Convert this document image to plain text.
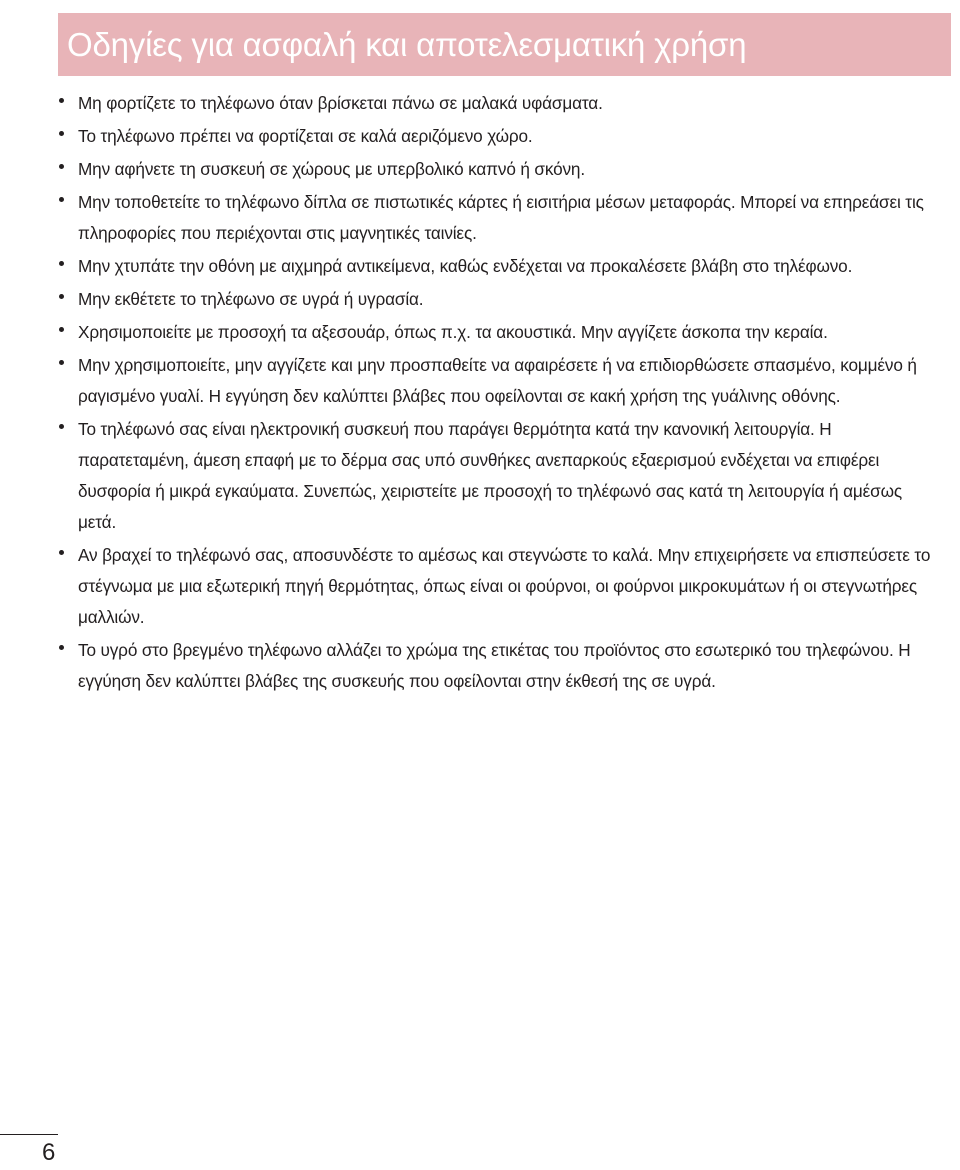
Οδηγίες για ασφαλή και αποτελεσματική χρήση
Μη φορτίζετε το τηλέφωνο όταν βρίσκεται πάνω σε μαλακά υφάσματα.
Το τηλέφωνο πρέπει να φορτίζεται σε καλά αεριζόμενο χώρο.
Μην αφήνετε τη συσκευή σε χώρους με υπερβολικό καπνό ή σκόνη.
Μην τοποθετείτε το τηλέφωνο δίπλα σε πιστωτικές κάρτες ή εισιτήρια μέσων μεταφοράς. Μπορεί να επηρεάσει τις πληροφορίες που περιέχονται στις μαγνητικές ταινίες.
Μην χτυπάτε την οθόνη με αιχμηρά αντικείμενα, καθώς ενδέχεται να προκαλέσετε βλάβη στο τηλέφωνο.
Μην εκθέτετε το τηλέφωνο σε υγρά ή υγρασία.
Χρησιμοποιείτε με προσοχή τα αξεσουάρ, όπως π.χ. τα ακουστικά. Μην αγγίζετε άσκοπα την κεραία.
Μην χρησιμοποιείτε, μην αγγίζετε και μην προσπαθείτε να αφαιρέσετε ή να επιδιορθώσετε σπασμένο, κομμένο ή ραγισμένο γυαλί. Η εγγύηση δεν καλύπτει βλάβες που οφείλονται σε κακή χρήση της γυάλινης οθόνης.
Το τηλέφωνό σας είναι ηλεκτρονική συσκευή που παράγει θερμότητα κατά την κανονική λειτουργία. Η παρατεταμένη, άμεση επαφή με το δέρμα σας υπό συνθήκες ανεπαρκούς εξαερισμού ενδέχεται να επιφέρει δυσφορία ή μικρά εγκαύματα. Συνεπώς, χειριστείτε με προσοχή το τηλέφωνό σας κατά τη λειτουργία ή αμέσως μετά.
Αν βραχεί το τηλέφωνό σας, αποσυνδέστε το αμέσως και στεγνώστε το καλά. Μην επιχειρήσετε να επισπεύσετε το στέγνωμα με μια εξωτερική πηγή θερμότητας, όπως είναι οι φούρνοι, οι φούρνοι μικροκυμάτων ή οι στεγνωτήρες μαλλιών.
Το υγρό στο βρεγμένο τηλέφωνο αλλάζει το χρώμα της ετικέτας του προϊόντος στο εσωτερικό του τηλεφώνου. Η εγγύηση δεν καλύπτει βλάβες της συσκευής που οφείλονται στην έκθεσή της σε υγρά.
6
